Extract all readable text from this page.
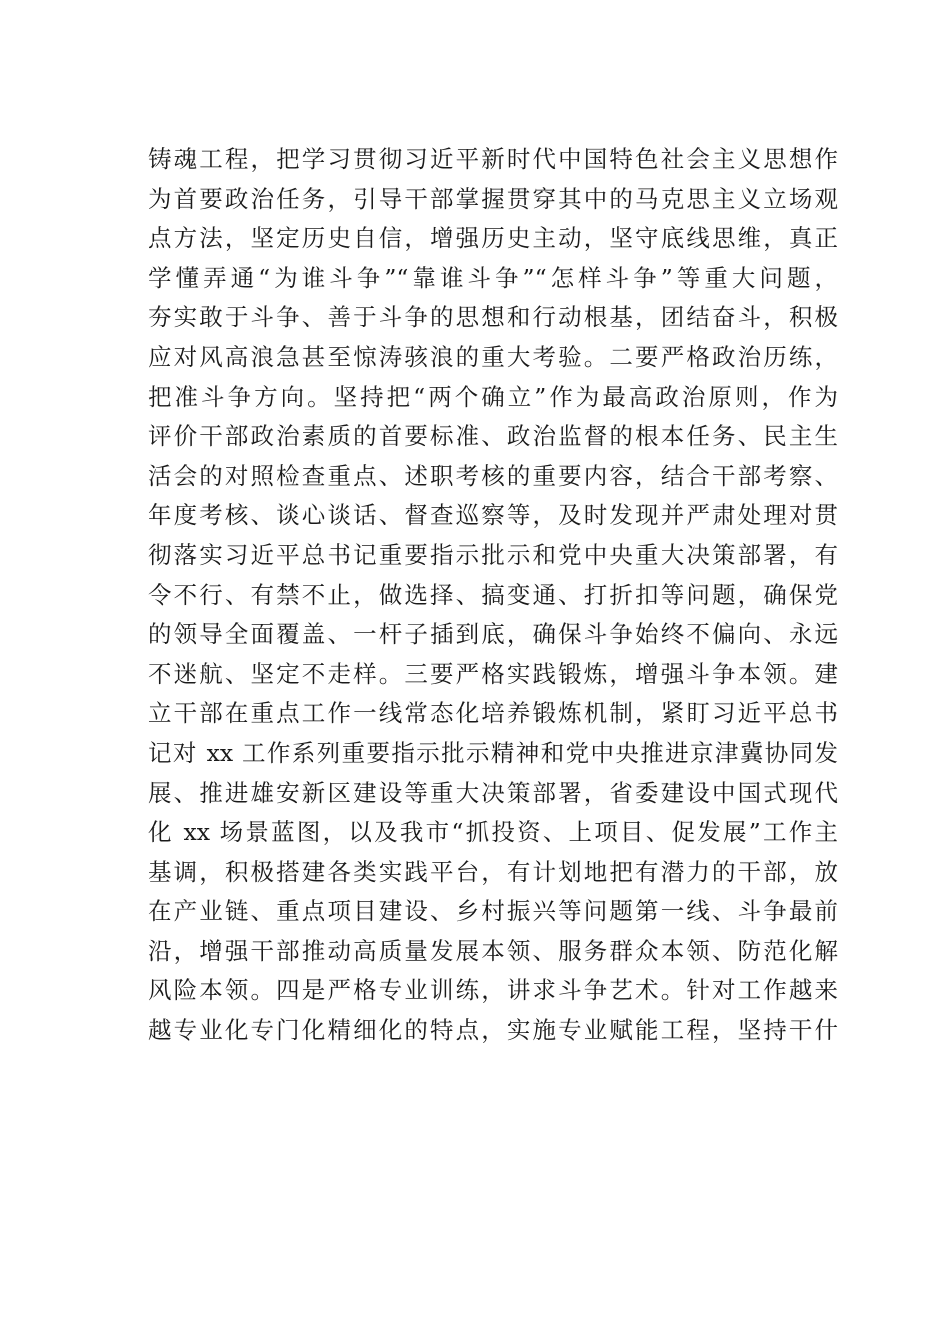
铸魂工程，把学习贯彻习近平新时代中国特色社会主义思想作
为首要政治任务，引导干部掌握贯穿其中的马克思主义立场观
点方法，坚定历史自信，增强历史主动，坚守底线思维，真正
学懂弄通“为谁斗争”“靠谁斗争”“怎样斗争”等重大问题，
夯实敢于斗争、善于斗争的思想和行动根基，团结奋斗，积极
应对风高浪急甚至惊涛骇浪的重大考验。二要严格政治历练，
把准斗争方向。坚持把“两个确立”作为最高政治原则，作为
评价干部政治素质的首要标准、政治监督的根本任务、民主生
活会的对照检查重点、述职考核的重要内容，结合干部考察、
年度考核、谈心谈话、督查巡察等，及时发现并严肃处理对贯
彻落实习近平总书记重要指示批示和党中央重大决策部署，有
令不行、有禁不止，做选择、搞变通、打折扣等问题，确保党
的领导全面覆盖、一杆子插到底，确保斗争始终不偏向、永远
不迷航、坚定不走样。三要严格实践锻炼，增强斗争本领。建
立干部在重点工作一线常态化培养锻炼机制，紧盯习近平总书
记对 xx 工作系列重要指示批示精神和党中央推进京津冀协同发
展、推进雄安新区建设等重大决策部署，省委建设中国式现代
化 xx 场景蓝图，以及我市“抓投资、上项目、促发展”工作主
基调，积极搭建各类实践平台，有计划地把有潜力的干部，放
在产业链、重点项目建设、乡村振兴等问题第一线、斗争最前
沿，增强干部推动高质量发展本领、服务群众本领、防范化解
风险本领。四是严格专业训练，讲求斗争艺术。针对工作越来
越专业化专门化精细化的特点，实施专业赋能工程，坚持干什
